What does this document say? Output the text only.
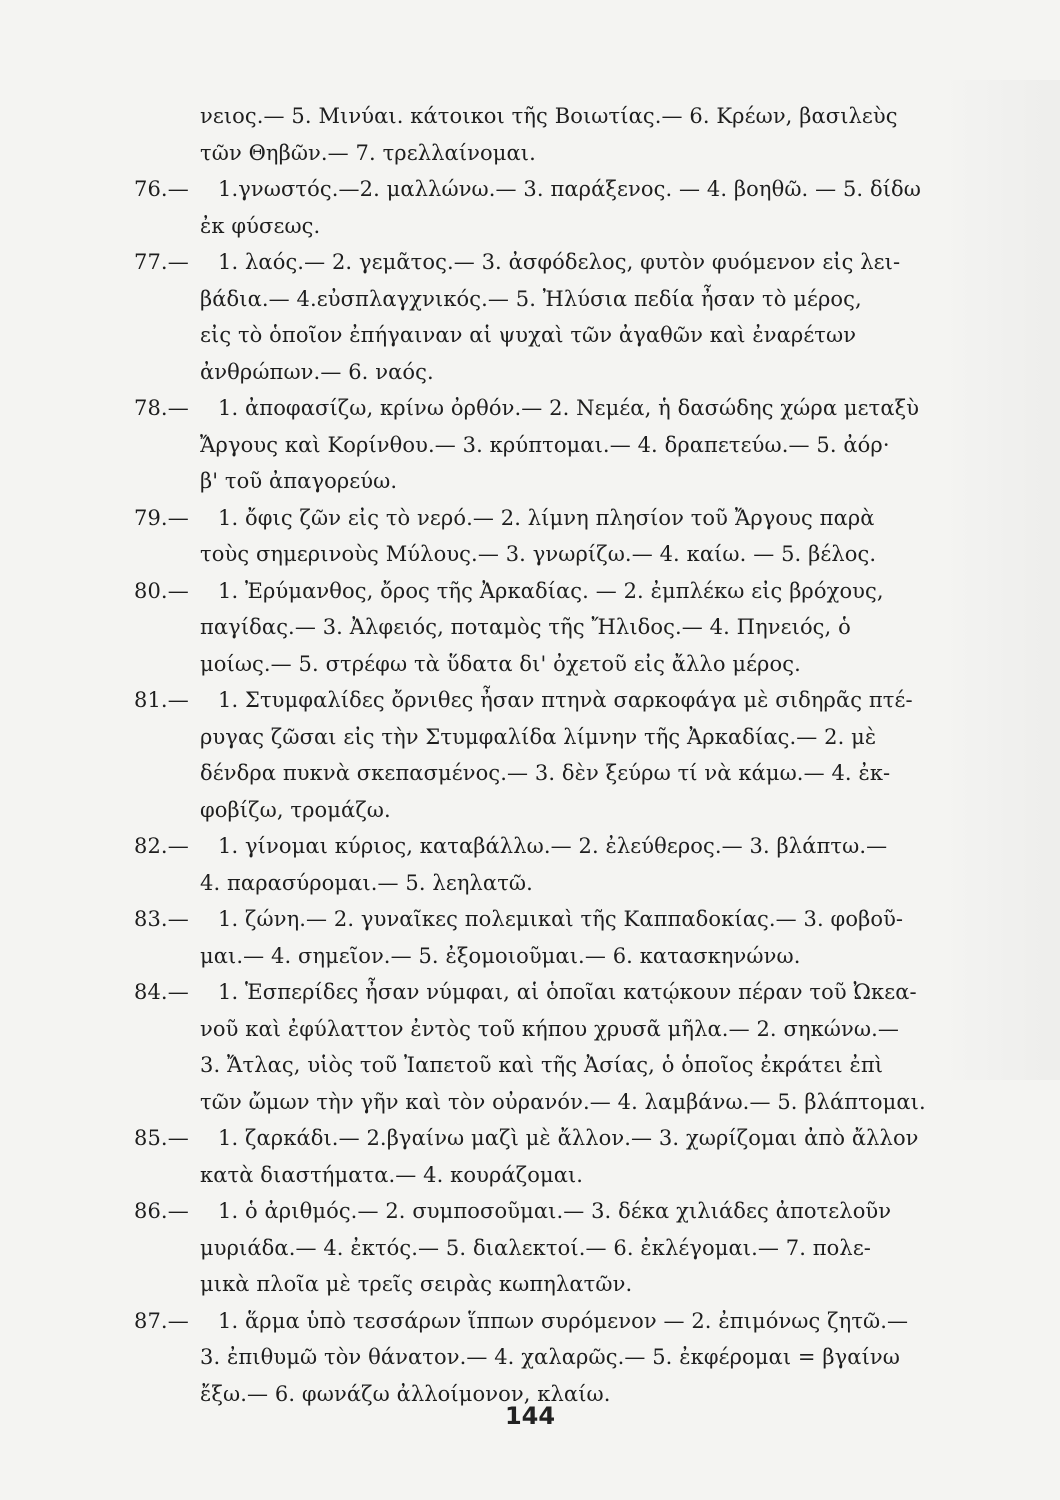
νειος.— 5. Μινύαι. κάτοικοι τῆς Βοιωτίας.— 6. Κρέων, βασιλεὺς
τῶν Θηβῶν.— 7. τρελλαίνομαι.
76.— 1.γνωστός.—2. μαλλώνω.— 3. παράξενος. — 4. βοηθῶ. — 5. δίδω
ἐκ φύσεως.
77.— 1. λαός.— 2. γεμᾶτος.— 3. ἀσφόδελος, φυτὸν φυόμενον εἰς λει-
βάδια.— 4.εὐσπλαγχνικός.— 5. Ἠλύσια πεδία ἦσαν τὸ μέρος,
εἰς τὸ ὁποῖον ἐπήγαιναν αἱ ψυχαὶ τῶν ἀγαθῶν καὶ ἐναρέτων
ἀνθρώπων.— 6. ναός.
78.— 1. ἀποφασίζω, κρίνω ὀρθόν.— 2. Νεμέα, ἡ δασώδης χώρα μεταξὺ
Ἄργους καὶ Κορίνθου.— 3. κρύπτομαι.— 4. δραπετεύω.— 5. ἀόρ·
β' τοῦ ἀπαγορεύω.
79.— 1. ὄφις ζῶν εἰς τὸ νερό.— 2. λίμνη πλησίον τοῦ Ἄργους παρὰ
τοὺς σημερινοὺς Μύλους.— 3. γνωρίζω.— 4. καίω. — 5. βέλος.
80.— 1. Ἐρύμανθος, ὄρος τῆς Ἀρκαδίας. — 2. ἐμπλέκω εἰς βρόχους,
παγίδας.— 3. Ἀλφειός, ποταμὸς τῆς Ἤλιδος.— 4. Πηνειός, ὁ
μοίως.— 5. στρέφω τὰ ὕδατα δι' ὀχετοῦ εἰς ἄλλο μέρος.
81.— 1. Στυμφαλίδες ὄρνιθες ἦσαν πτηνὰ σαρκοφάγα μὲ σιδηρᾶς πτέ-
ρυγας ζῶσαι εἰς τὴν Στυμφαλίδα λίμνην τῆς Ἀρκαδίας.— 2. μὲ
δένδρα πυκνὰ σκεπασμένος.— 3. δὲν ξεύρω τί νὰ κάμω.— 4. ἐκ-
φοβίζω, τρομάζω.
82.— 1. γίνομαι κύριος, καταβάλλω.— 2. ἐλεύθερος.— 3. βλάπτω.—
4. παρασύρομαι.— 5. λεηλατῶ.
83.— 1. ζώνη.— 2. γυναῖκες πολεμικαὶ τῆς Καππαδοκίας.— 3. φοβοῦ-
μαι.— 4. σημεῖον.— 5. ἐξομοιοῦμαι.— 6. κατασκηνώνω.
84.— 1. Ἑσπερίδες ἦσαν νύμφαι, αἱ ὁποῖαι κατῴκουν πέραν τοῦ Ὠκεα-
νοῦ καὶ ἐφύλαττον ἐντὸς τοῦ κήπου χρυσᾶ μῆλα.— 2. σηκώνω.—
3. Ἄτλας, υἱὸς τοῦ Ἰαπετοῦ καὶ τῆς Ἀσίας, ὁ ὁποῖος ἐκράτει ἐπὶ
τῶν ὤμων τὴν γῆν καὶ τὸν οὐρανόν.— 4. λαμβάνω.— 5. βλάπτομαι.
85.— 1. ζαρκάδι.— 2.βγαίνω μαζὶ μὲ ἄλλον.— 3. χωρίζομαι ἀπὸ ἄλλον
κατὰ διαστήματα.— 4. κουράζομαι.
86.— 1. ὁ ἀριθμός.— 2. συμποσοῦμαι.— 3. δέκα χιλιάδες ἀποτελοῦν
μυριάδα.— 4. ἐκτός.— 5. διαλεκτοί.— 6. ἐκλέγομαι.— 7. πολε-
μικὰ πλοῖα μὲ τρεῖς σειρὰς κωπηλατῶν.
87.— 1. ἅρμα ὑπὸ τεσσάρων ἵππων συρόμενον — 2. ἐπιμόνως ζητῶ.—
3. ἐπιθυμῶ τὸν θάνατον.— 4. χαλαρῶς.— 5. ἐκφέρομαι = βγαίνω
ἔξω.— 6. φωνάζω ἀλλοίμονον, κλαίω.
144
